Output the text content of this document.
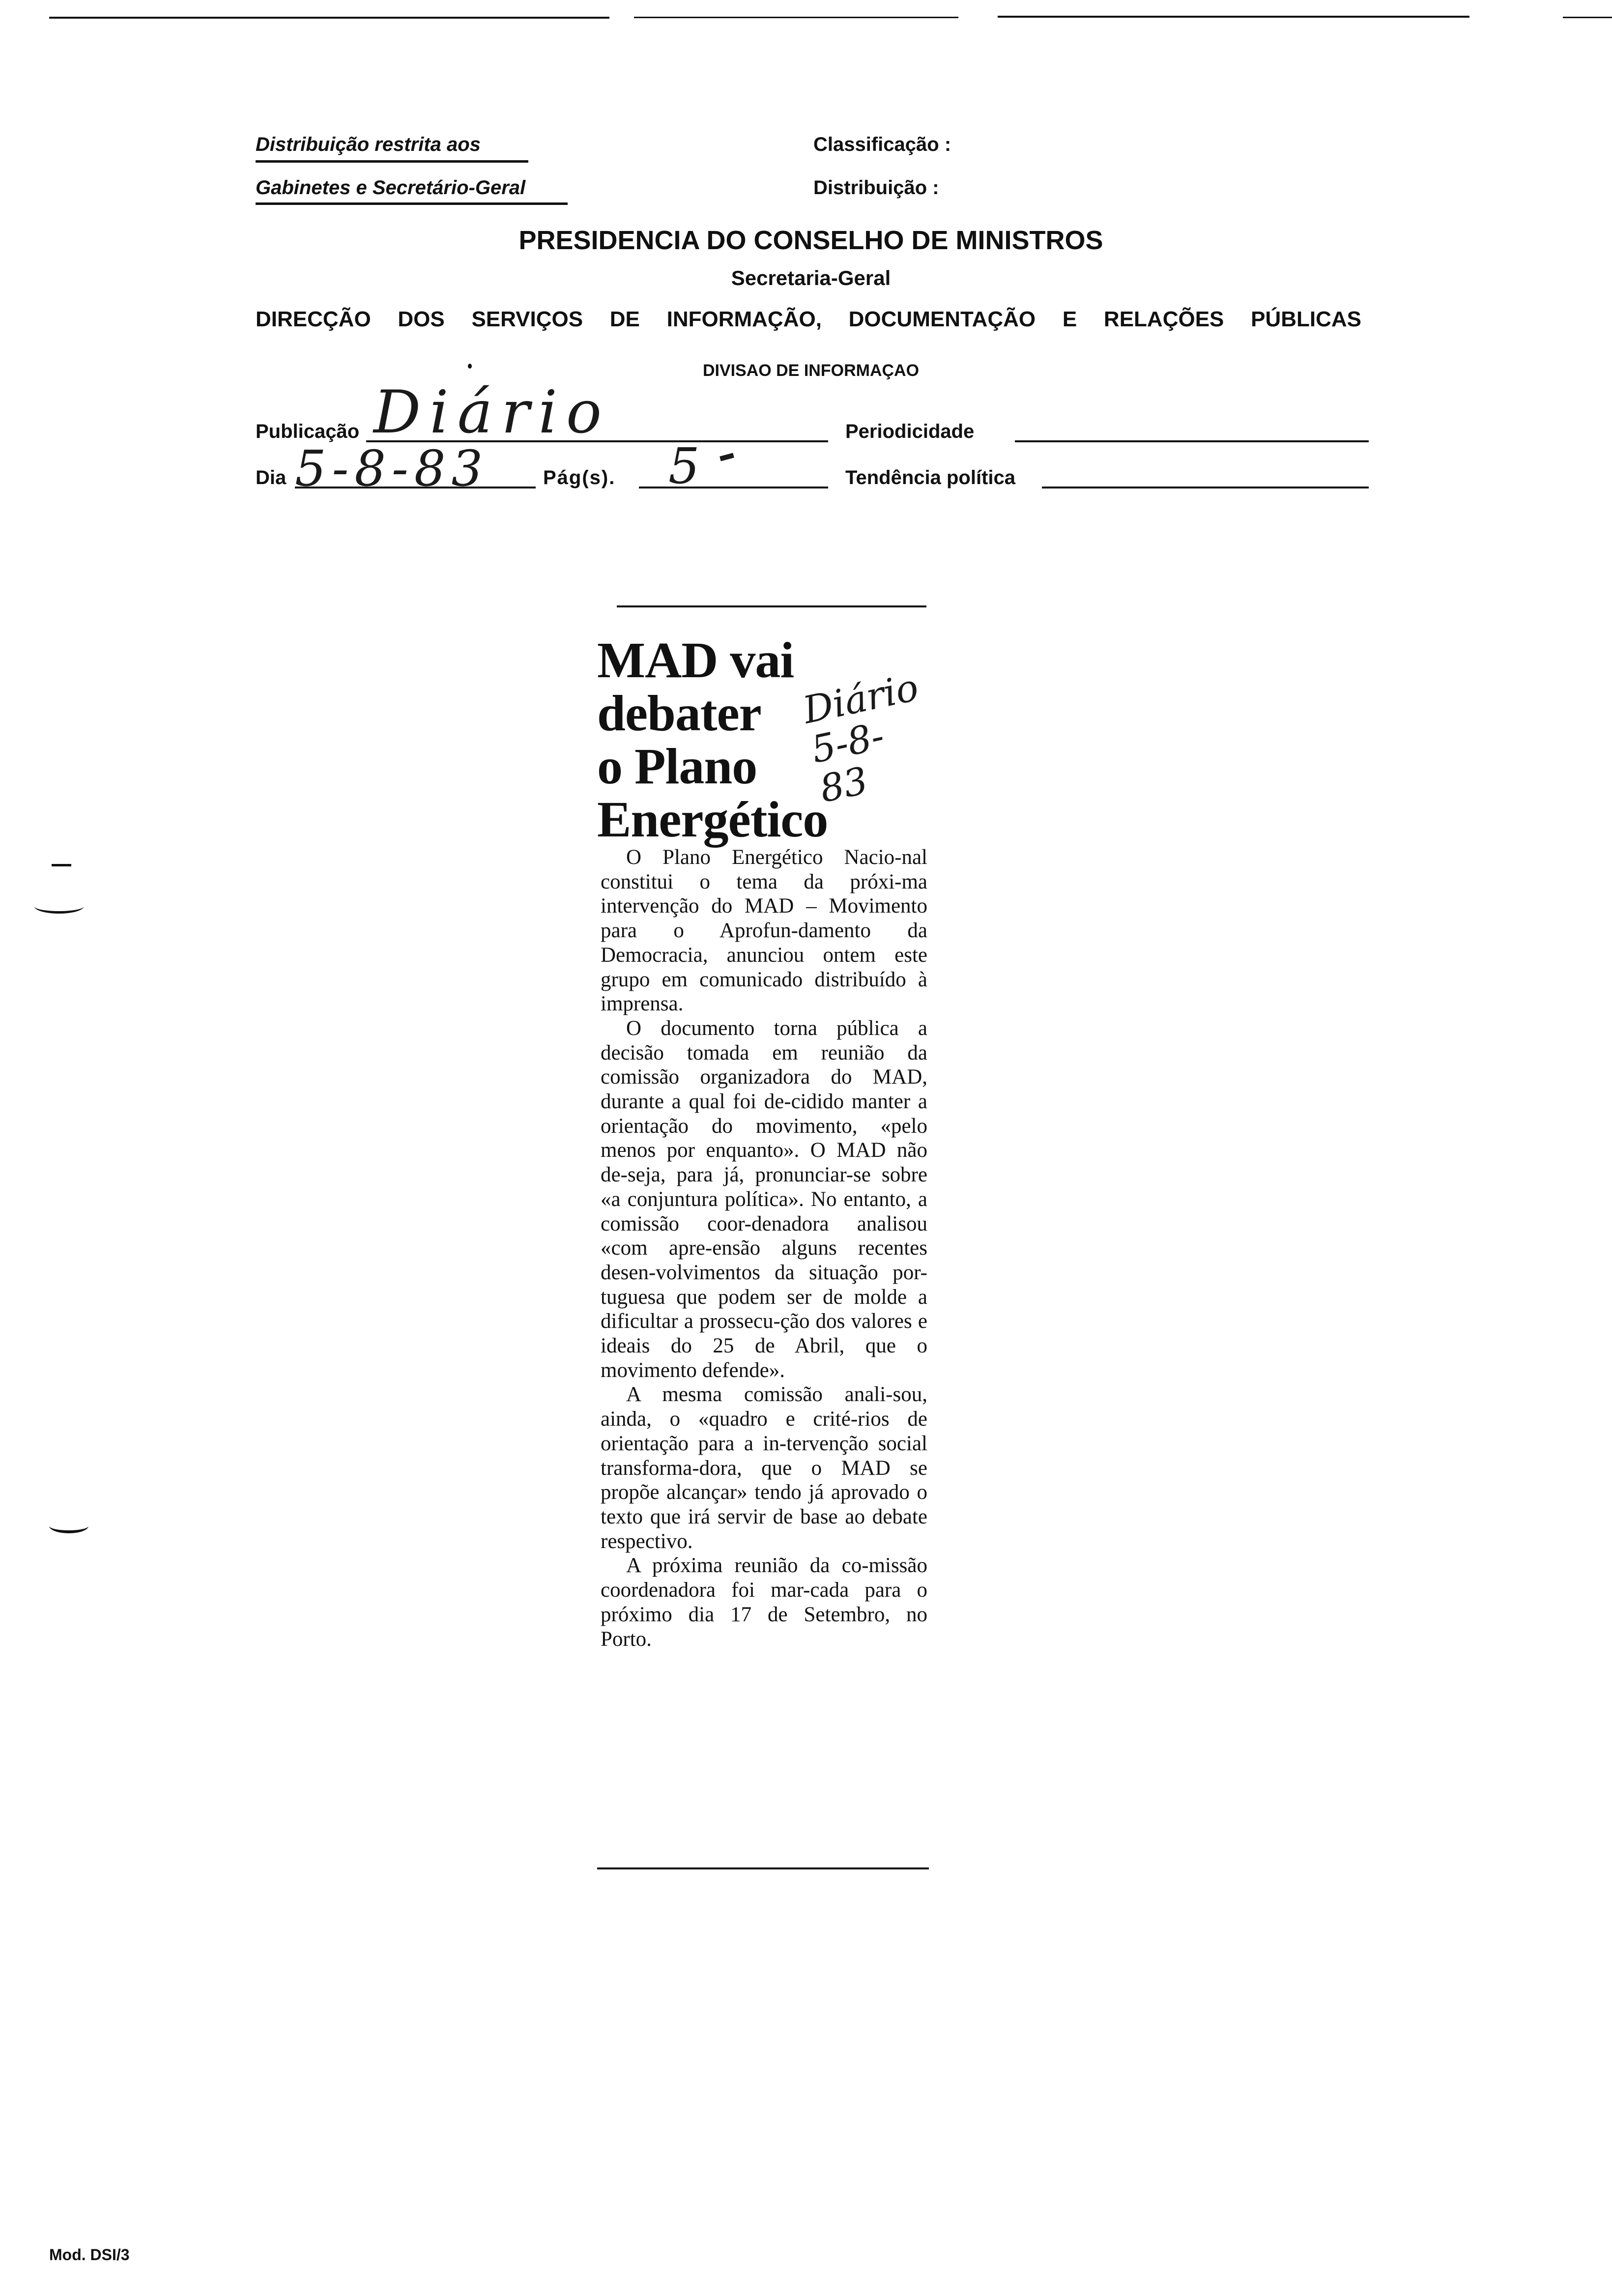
Distribuição restrita aos
Gabinetes e Secretário-Geral
Classificação :
Distribuição :
PRESIDENCIA DO CONSELHO DE MINISTROS
Secretaria-Geral
DIRECÇÃO DOS SERVIÇOS DE INFORMAÇÃO, DOCUMENTAÇÃO E RELAÇÕES PÚBLICAS
DIVISAO DE INFORMAÇAO
Publicação Diário	Periodicidade
Dia 5-8-83	Pág(s). 5	Tendência política
MAD vai
debater
o Plano
Energético
Diário 5-8-83

O Plano Energético Nacio-nal constitui o tema da próxi-ma intervenção do MAD – Movimento para o Aprofun-damento da Democracia, anunciou ontem este grupo em comunicado distribuído à imprensa.

O documento torna pública a decisão tomada em reunião da comissão organizadora do MAD, durante a qual foi de-cidido manter a orientação do movimento, «pelo menos por enquanto». O MAD não de-seja, para já, pronunciar-se sobre «a conjuntura política». No entanto, a comissão coor-denadora analisou «com apre-ensão alguns recentes desen-volvimentos da situação por-tuguesa que podem ser de molde a dificultar a prossecu-ção dos valores e ideais do 25 de Abril, que o movimento defende».

A mesma comissão anali-sou, ainda, o «quadro e crité-rios de orientação para a in-tervenção social transforma-dora, que o MAD se propõe alcançar» tendo já aprovado o texto que irá servir de base ao debate respectivo.

A próxima reunião da co-missão coordenadora foi mar-cada para o próximo dia 17 de Setembro, no Porto.

Mod. DSI/3
